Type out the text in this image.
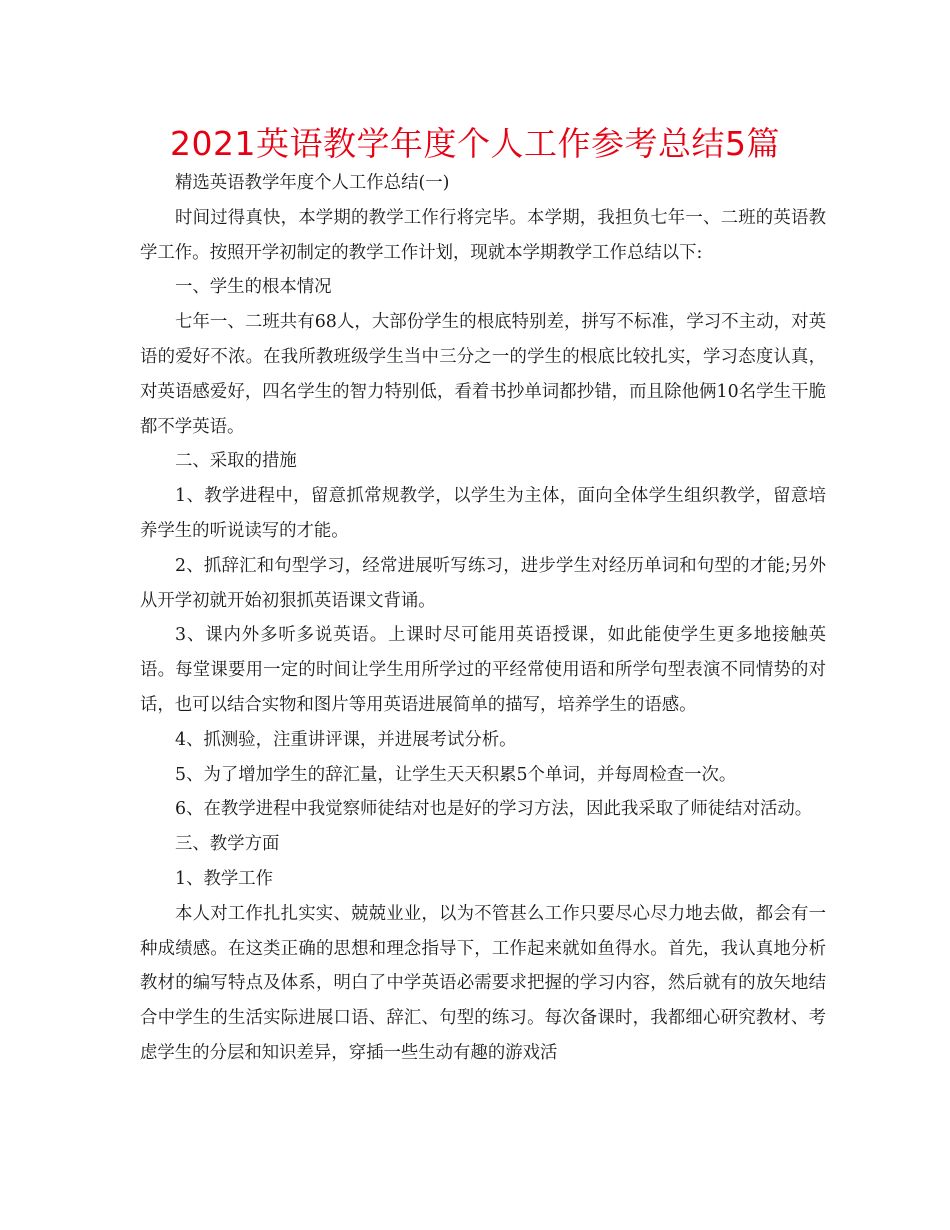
2021英语教学年度个人工作参考总结5篇

精选英语教学年度个人工作总结(一)

时间过得真快，本学期的教学工作行将完毕。本学期，我担负七年一、二班的英语教学工作。按照开学初制定的教学工作计划，现就本学期教学工作总结以下:

一、学生的根本情况

七年一、二班共有68人，大部份学生的根底特别差，拼写不标准，学习不主动，对英语的爱好不浓。在我所教班级学生当中三分之一的学生的根底比较扎实，学习态度认真，对英语感爱好，四名学生的智力特别低，看着书抄单词都抄错，而且除他俩10名学生干脆都不学英语。

二、采取的措施

1、教学进程中，留意抓常规教学，以学生为主体，面向全体学生组织教学，留意培养学生的听说读写的才能。

2、抓辞汇和句型学习，经常进展听写练习，进步学生对经历单词和句型的才能;另外从开学初就开始初狠抓英语课文背诵。

3、课内外多听多说英语。上课时尽可能用英语授课，如此能使学生更多地接触英语。每堂课要用一定的时间让学生用所学过的平经常使用语和所学句型表演不同情势的对话，也可以结合实物和图片等用英语进展简单的描写，培养学生的语感。

4、抓测验，注重讲评课，并进展考试分析。

5、为了增加学生的辞汇量，让学生天天积累5个单词，并每周检查一次。

6、在教学进程中我觉察师徒结对也是好的学习方法，因此我采取了师徒结对活动。

三、教学方面

1、教学工作

本人对工作扎扎实实、兢兢业业，以为不管甚么工作只要尽心尽力地去做，都会有一种成绩感。在这类正确的思想和理念指导下，工作起来就如鱼得水。首先，我认真地分析教材的编写特点及体系，明白了中学英语必需要求把握的学习内容，然后就有的放矢地结合中学生的生活实际进展口语、辞汇、句型的练习。每次备课时，我都细心研究教材、考虑学生的分层和知识差异，穿插一些生动有趣的游戏活
